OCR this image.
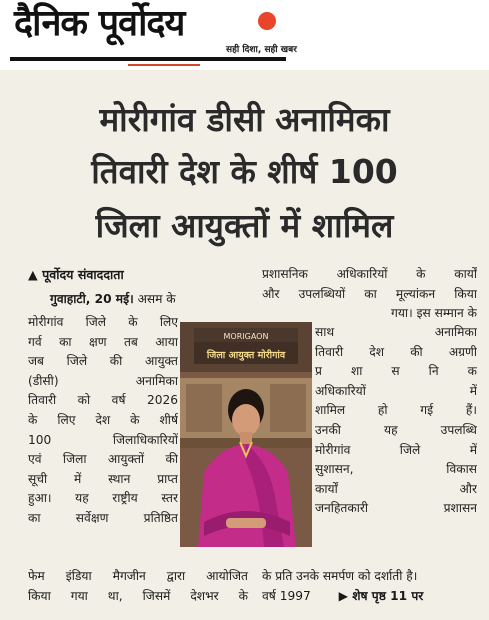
दैनिक पूर्वोदय
सही दिशा, सही खबर
मोरीगांव डीसी अनामिका
तिवारी देश के शीर्ष 100
जिला आयुक्तों में शामिल
▲ पूर्वोदय संवाददाता
गुवाहाटी, 20 मई। असम के
मोरीगांव जिले के लिए
गर्व का क्षण तब आया
जब जिले की आयुक्त
(डीसी) अनामिका
तिवारी को वर्ष 2026
के लिए देश के शीर्ष
100 जिलाधिकारियों
एवं जिला आयुक्तों की
सूची में स्थान प्राप्त
हुआ। यह राष्ट्रीय स्तर
का सर्वेक्षण प्रतिष्ठित
MORIGAON
जिला आयुक्त मोरीगांव
प्रशासनिक अधिकारियों के कार्यों
और उपलब्धियों का मूल्यांकन किया
गया। इस सम्मान के
साथ अनामिका
तिवारी देश की अग्रणी
प्र शा स नि क
अधिकारियों में
शामिल हो गई हैं।
उनकी यह उपलब्धि
मोरीगांव जिले में
सुशासन, विकास
कार्यों और
जनहितकारी प्रशासन
फेम इंडिया मैगजीन द्वारा आयोजित
किया गया था, जिसमें देशभर के
के प्रति उनके समर्पण को दर्शाती है।
वर्ष 1997 ▶ शेष पृष्ठ 11 पर
